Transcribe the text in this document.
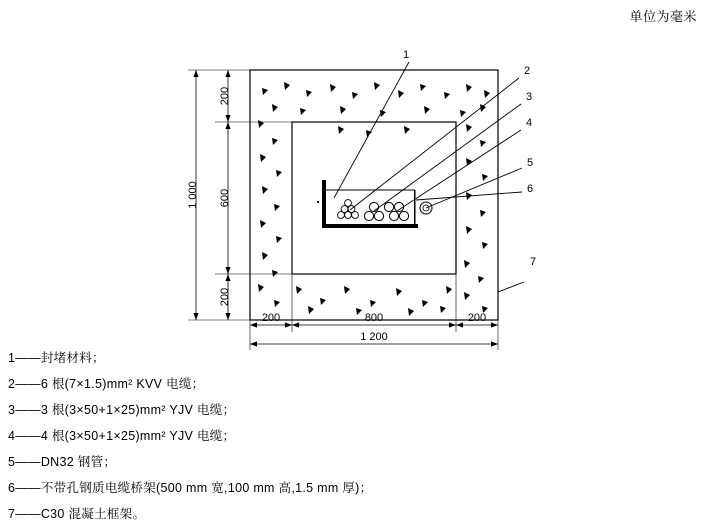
单位为毫米
1
2
3
4
5
6
7
200
600
200
1 000
200	800	200
1 200
1——封堵材料；
2——6 根(7×1.5)mm² KVV 电缆；
3——3 根(3×50+1×25)mm² YJV 电缆；
4——4 根(3×50+1×25)mm² YJV 电缆；
5——DN32 钢管；
6——不带孔钢质电缆桥架(500 mm 宽,100 mm 高,1.5 mm 厚)；
7——C30 混凝土框架。
